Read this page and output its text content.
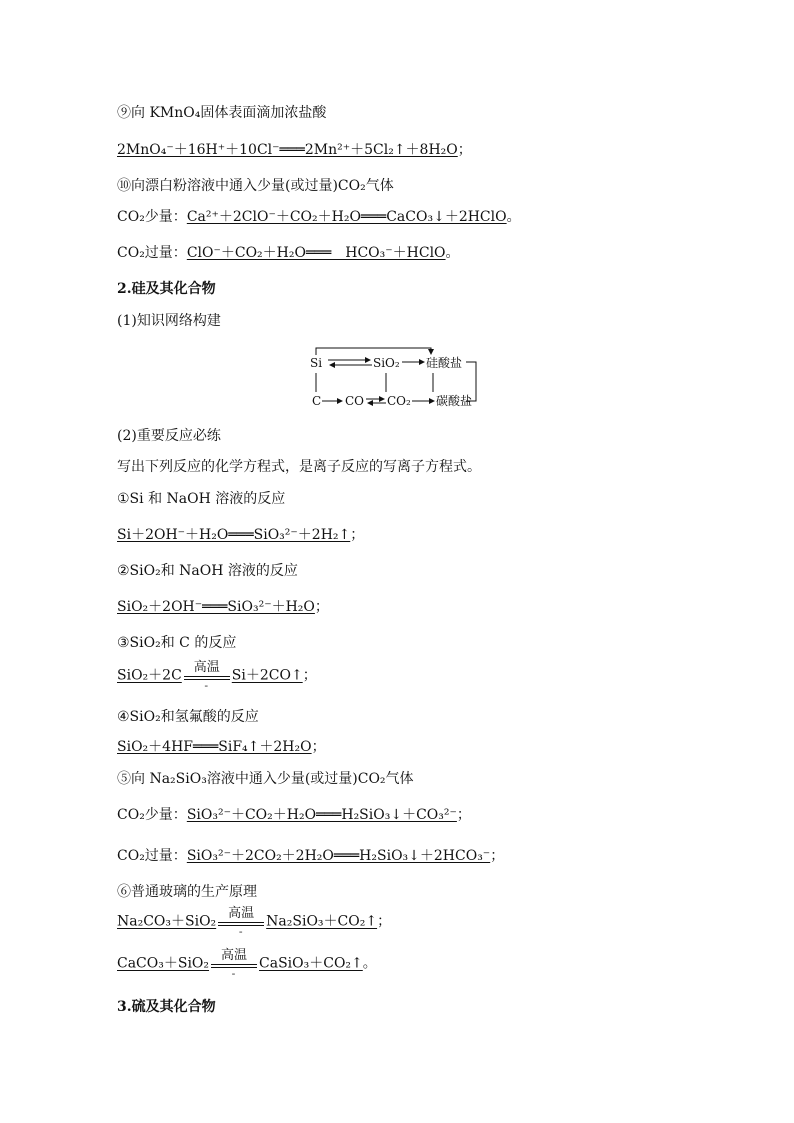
⑨向 KMnO₄固体表面滴加浓盐酸
2MnO₄⁻＋16H⁺＋10Cl⁻═══2Mn²⁺＋5Cl₂↑＋8H₂O；
⑩向漂白粉溶液中通入少量(或过量)CO₂气体
CO₂少量：Ca²⁺＋2ClO⁻＋CO₂＋H₂O═══CaCO₃↓＋2HClO。
CO₂过量：ClO⁻＋CO₂＋H₂O═══　HCO₃⁻＋HClO。
2.硅及其化合物
(1)知识网络构建
Si	SiO₂ 硅酸盐
C CO CO₂ 碳酸盐
(2)重要反应必练
写出下列反应的化学方程式，是离子反应的写离子方程式。
①Si 和 NaOH 溶液的反应
Si＋2OH⁻＋H₂O═══SiO₃²⁻＋2H₂↑；
②SiO₂和 NaOH 溶液的反应
SiO₂＋2OH⁻═══SiO₃²⁻＋H₂O；
③SiO₂和 C 的反应
SiO₂＋2C 高温
-
Si＋2CO↑；
④SiO₂和氢氟酸的反应
SiO₂＋4HF═══SiF₄↑＋2H₂O；
⑤向 Na₂SiO₃溶液中通入少量(或过量)CO₂气体
CO₂少量：SiO₃²⁻＋CO₂＋H₂O═══H₂SiO₃↓＋CO₃²⁻；
CO₂过量：SiO₃²⁻＋2CO₂＋2H₂O═══H₂SiO₃↓＋2HCO₃⁻；
⑥普通玻璃的生产原理
Na₂CO₃＋SiO₂ 高温
-
Na₂SiO₃＋CO₂↑；
CaCO₃＋SiO₂ 高温
-
CaSiO₃＋CO₂↑。
3.硫及其化合物
